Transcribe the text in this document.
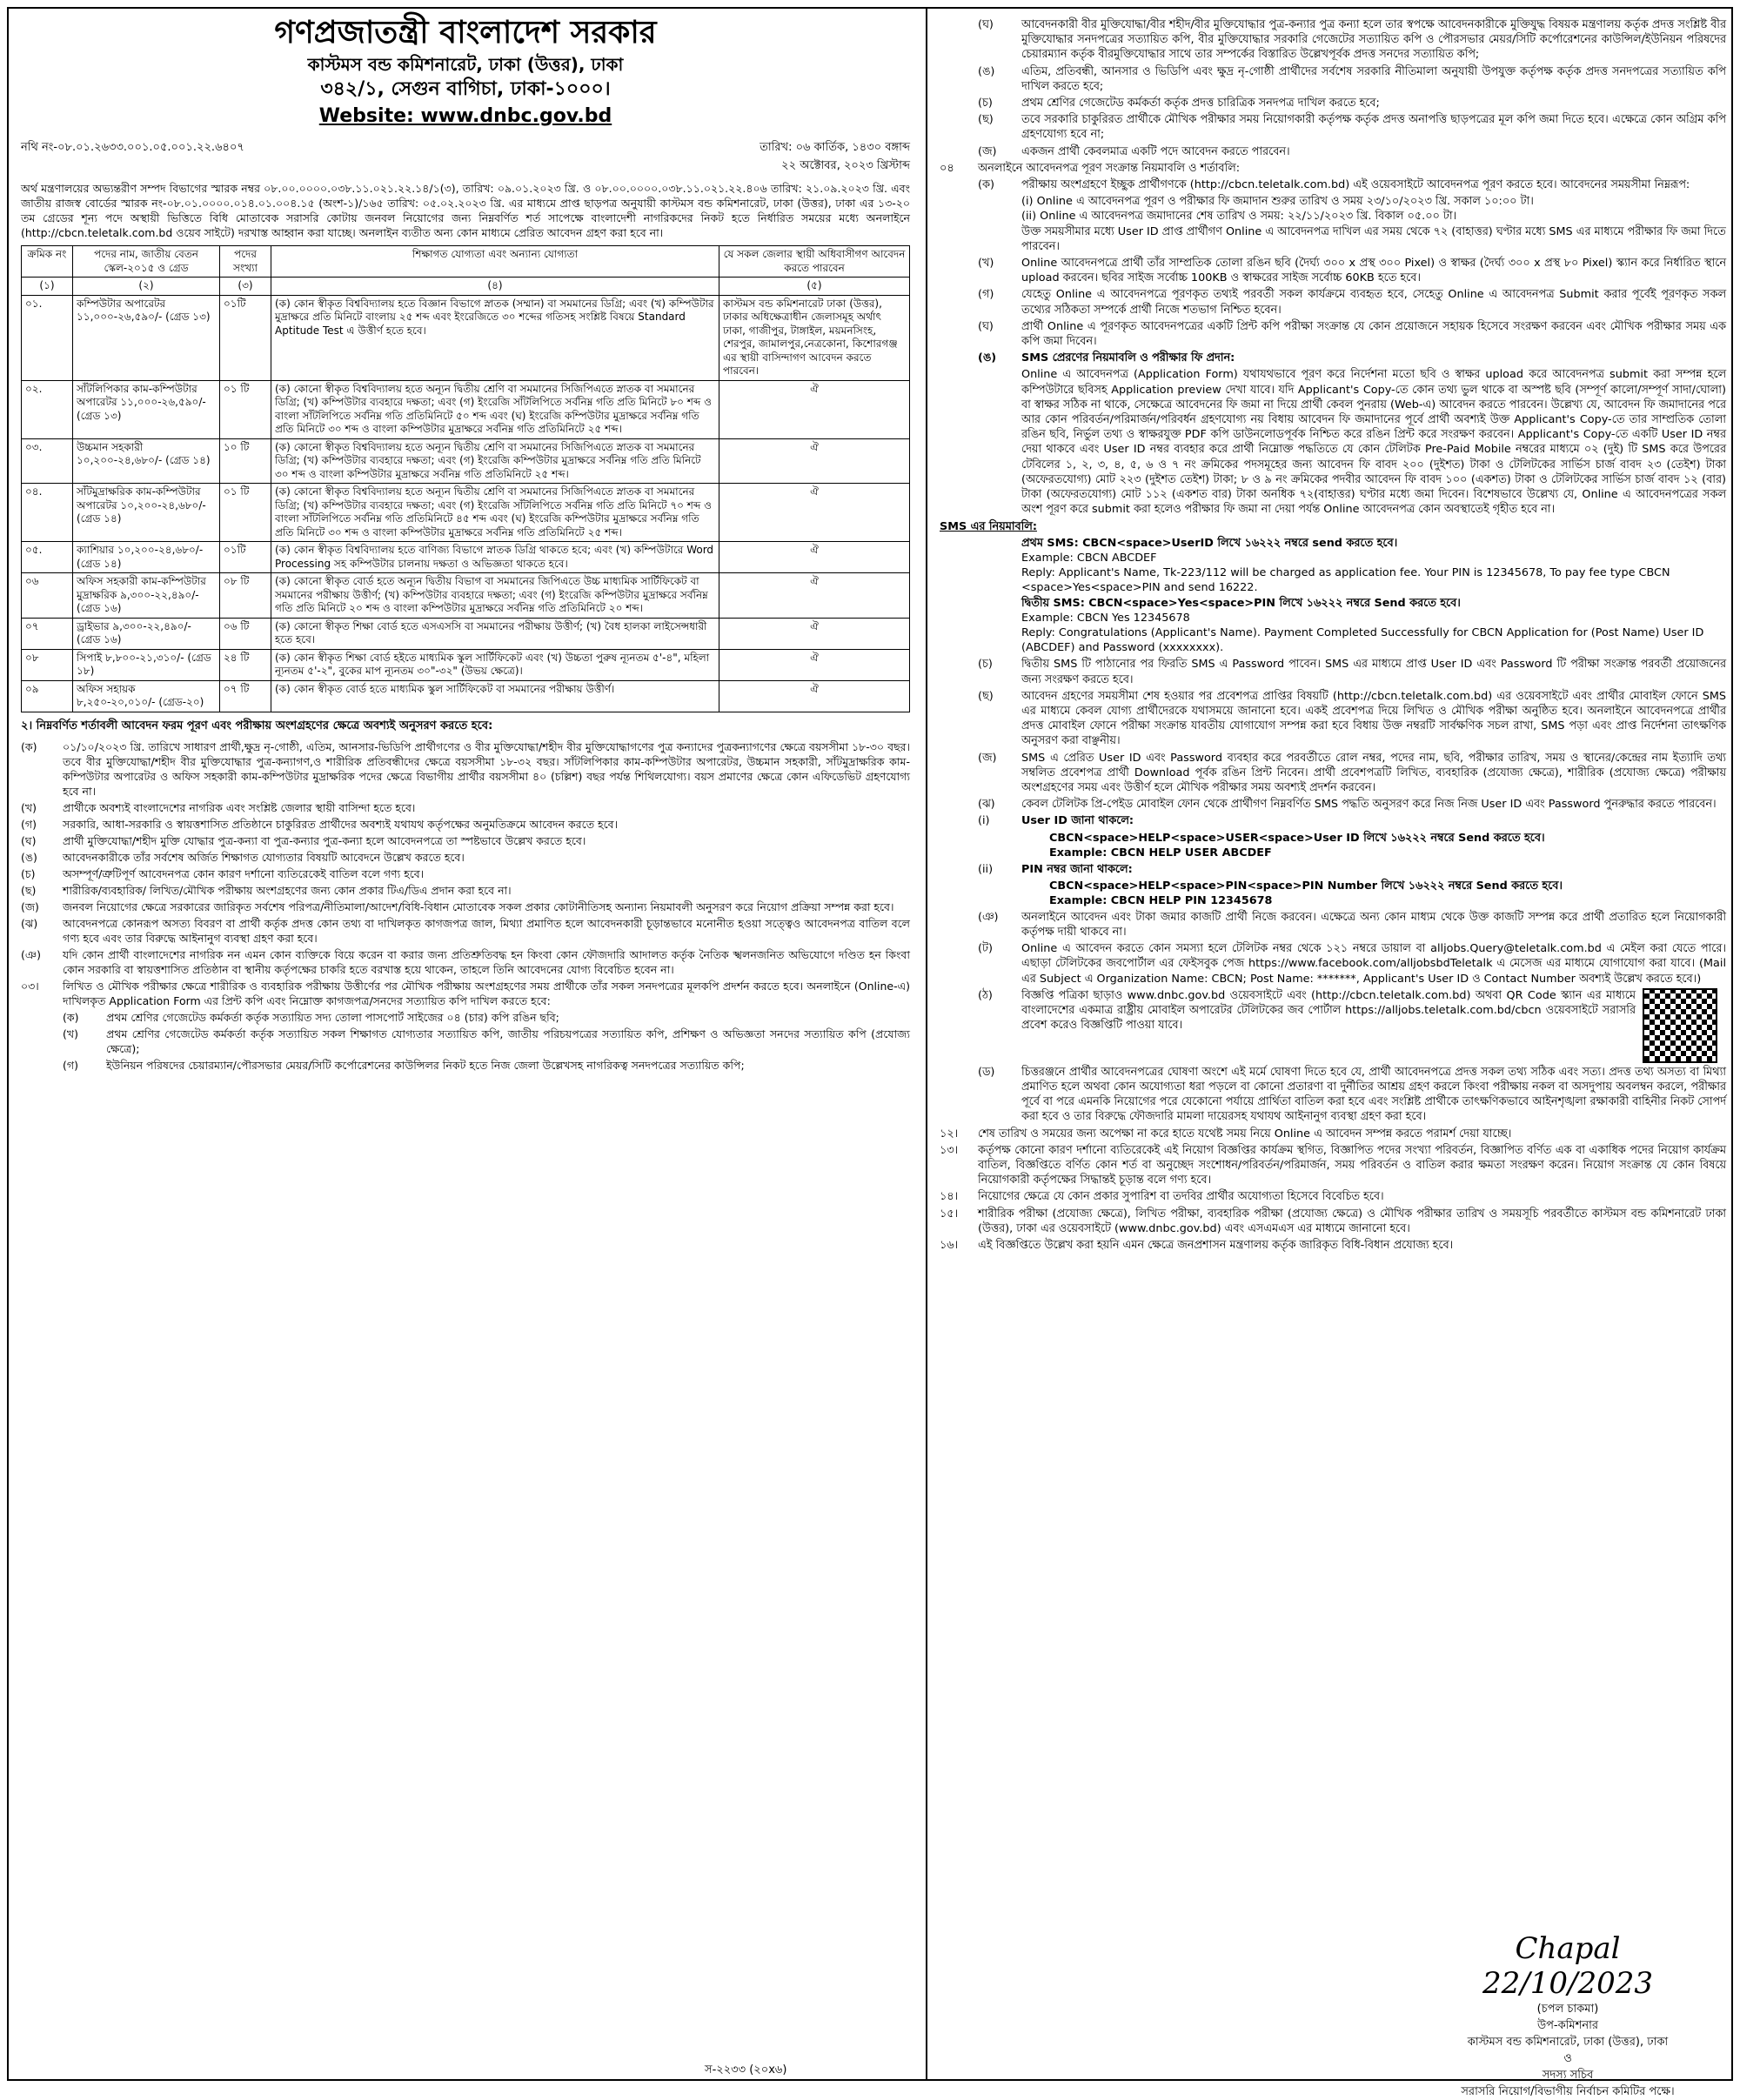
গণপ্রজাতন্ত্রী বাংলাদেশ সরকার
কাস্টমস বন্ড কমিশনারেট, ঢাকা (উত্তর), ঢাকা
৩৪২/১, সেগুন বাগিচা, ঢাকা-১০০০।
Website: www.dnbc.gov.bd
নথি নং-০৮.০১.২৬৩৩.০০১.০৫.০০১.২২.৬৪০৭	তারিখ: ০৬ কার্তিক, ১৪৩০ বঙ্গাব্দ
২২ অক্টোবর, ২০২৩ খ্রিস্টাব্দ

অর্থ মন্ত্রণালয়ের অভ্যন্তরীণ সম্পদ বিভাগের স্মারক নম্বর ০৮.০০.০০০০.০৩৮.১১.০২১.২২.১৪/১(৩), তারিখ: ০৯.০১.২০২৩ খ্রি. ও ০৮.০০.০০০০.০৩৮.১১.০২১.২২.৪০৬ তারিখ: ২১.০৯.২০২৩ খ্রি. এবং জাতীয় রাজস্ব বোর্ডের স্মারক নং-০৮.০১.০০০০.০১৪.০১.০০৪.১৫ (অংশ-১)/১৬৫ তারিখ: ০৫.০২.২০২৩ খ্রি. এর মাধ্যমে প্রাপ্ত ছাড়পত্র অনুযায়ী কাস্টমস বন্ড কমিশনারেট, ঢাকা (উত্তর), ঢাকা এর ১৩-২০ তম গ্রেডের শূন্য পদে অস্থায়ী ভিত্তিতে বিধি মোতাবেক সরাসরি কোটায় জনবল নিয়োগের জন্য নিম্নবর্ণিত শর্ত সাপেক্ষে বাংলাদেশী নাগরিকদের নিকট হতে নির্ধারিত সময়ের মধ্যে অনলাইনে (http://cbcn.teletalk.com.bd ওয়েব সাইটে) দরখাস্ত আহ্বান করা যাচ্ছে। অনলাইন ব্যতীত অন্য কোন মাধ্যমে প্রেরিত আবেদন গ্রহণ করা হবে না।

ক্রমিক নং	পদের নাম, জাতীয় বেতন স্কেল-২০১৫ ও গ্রেড	পদের সংখ্যা	শিক্ষাগত যোগ্যতা এবং অন্যান্য যোগ্যতা	যে সকল জেলার স্থায়ী অধিবাসীগণ আবেদন করতে পারবেন
(১)	(২)	(৩)	(৪)	(৫)
০১.	কম্পিউটার অপারেটর ১১,০০০-২৬,৫৯০/- (গ্রেড ১৩)	০১টি	(ক) কোন স্বীকৃত বিশ্ববিদ্যালয় হতে বিজ্ঞান বিভাগে স্নাতক (সম্মান) বা সমমানের ডিগ্রি; এবং (খ) কম্পিউটার মুদ্রাক্ষরে প্রতি মিনিটে বাংলায় ২৫ শব্দ এবং ইংরেজিতে ৩০ শব্দের গতিসহ সংশ্লিষ্ট বিষয়ে Standard Aptitude Test এ উত্তীর্ণ হতে হবে।	কাস্টমস বন্ড কমিশনারেট ঢাকা (উত্তর), ঢাকার অধিক্ষেত্রাধীন জেলাসমূহ অর্থাৎ ঢাকা, গাজীপুর, টাঙ্গাইল, ময়মনসিংহ, শেরপুর, জামালপুর,নেত্রকোনা, কিশোরগঞ্জ এর স্থায়ী বাসিন্দাগণ আবেদন করতে পারবেন।
০২.	সাঁটলিপিকার কাম-কম্পিউটার অপারেটর ১১,০০০-২৬,৫৯০/- (গ্রেড ১৩)	০১ টি	(ক) কোনো স্বীকৃত বিশ্ববিদ্যালয় হতে অন্যূন দ্বিতীয় শ্রেণি বা সমমানের সিজিপিএতে স্নাতক বা সমমানের ডিগ্রি; (খ) কম্পিউটার ব্যবহারে দক্ষতা; এবং (গ) ইংরেজি সাঁটলিপিতে সর্বনিম্ন গতি প্রতি মিনিটে ৮০ শব্দ ও বাংলা সাঁটলিপিতে সর্বনিম্ন গতি প্রতিমিনিটে ৫০ শব্দ এবং (ঘ) ইংরেজি কম্পিউটার মুদ্রাক্ষরে সর্বনিম্ন গতি প্রতি মিনিটে ৩০ শব্দ ও বাংলা কম্পিউটার মুদ্রাক্ষরে সর্বনিম্ন গতি প্রতিমিনিটে ২৫ শব্দ।	ঐ
০৩.	উচ্চমান সহকারী ১০,২০০-২৪,৬৮০/- (গ্রেড ১৪)	১০ টি	(ক) কোনো স্বীকৃত বিশ্ববিদ্যালয় হতে অন্যূন দ্বিতীয় শ্রেণি বা সমমানের সিজিপিএতে স্নাতক বা সমমানের ডিগ্রি; (খ) কম্পিউটার ব্যবহারে দক্ষতা; এবং (গ) ইংরেজি কম্পিউটার মুদ্রাক্ষরে সর্বনিম্ন গতি প্রতি মিনিটে ৩০ শব্দ ও বাংলা কম্পিউটার মুদ্রাক্ষরে সর্বনিম্ন গতি প্রতিমিনিটে ২৫ শব্দ।	ঐ
০৪.	সাঁটমুদ্রাক্ষরিক কাম-কম্পিউটার অপারেটর ১০,২০০-২৪,৬৮০/- (গ্রেড ১৪)	০১ টি	(ক) কোনো স্বীকৃত বিশ্ববিদ্যালয় হতে অন্যূন দ্বিতীয় শ্রেণি বা সমমানের সিজিপিএতে স্নাতক বা সমমানের ডিগ্রি; (খ) কম্পিউটার ব্যবহারে দক্ষতা; এবং (গ) ইংরেজি সাঁটলিপিতে সর্বনিম্ন গতি প্রতি মিনিটে ৭০ শব্দ ও বাংলা সাঁটলিপিতে সর্বনিম্ন গতি প্রতিমিনিটে ৪৫ শব্দ এবং (ঘ) ইংরেজি কম্পিউটার মুদ্রাক্ষরে সর্বনিম্ন গতি প্রতি মিনিটে ৩০ শব্দ ও বাংলা কম্পিউটার মুদ্রাক্ষরে সর্বনিম্ন গতি প্রতিমিনিটে ২৫ শব্দ।	ঐ
০৫.	ক্যাশিয়ার ১০,২০০-২৪,৬৮০/- (গ্রেড ১৪)	০১টি	(ক) কোন স্বীকৃত বিশ্ববিদ্যালয় হতে বাণিজ্য বিভাগে স্নাতক ডিগ্রি থাকতে হবে; এবং (খ) কম্পিউটারে Word Processing সহ কম্পিউটার চালনায় দক্ষতা ও অভিজ্ঞতা থাকতে হবে।	ঐ
০৬	অফিস সহকারী কাম-কম্পিউটার মুদ্রাক্ষরিক ৯,৩০০-২২,৪৯০/- (গ্রেড ১৬)	০৮ টি	(ক) কোনো স্বীকৃত বোর্ড হতে অন্যূন দ্বিতীয় বিভাগ বা সমমানের জিপিএতে উচ্চ মাধ্যমিক সার্টিফিকেট বা সমমানের পরীক্ষায় উত্তীর্ণ; (খ) কম্পিউটার ব্যবহারে দক্ষতা; এবং (গ) ইংরেজি কম্পিউটার মুদ্রাক্ষরে সর্বনিম্ন গতি প্রতি মিনিটে ২০ শব্দ ও বাংলা কম্পিউটার মুদ্রাক্ষরে সর্বনিম্ন গতি প্রতিমিনিটে ২০ শব্দ।	ঐ
০৭	ড্রাইভার ৯,৩০০-২২,৪৯০/- (গ্রেড ১৬)	০৬ টি	(ক) কোনো স্বীকৃত শিক্ষা বোর্ড হতে এসএসসি বা সমমানের পরীক্ষায় উত্তীর্ণ; (খ) বৈধ হালকা লাইসেন্সধারী হতে হবে।	ঐ
০৮	সিপাই ৮,৮০০-২১,৩১০/- (গ্রেড ১৮)	২৪ টি	(ক) কোন স্বীকৃত শিক্ষা বোর্ড হইতে মাধ্যমিক স্কুল সার্টিফিকেট এবং (খ) উচ্চতা পুরুষ ন্যূনতম ৫'-৪", মহিলা ন্যূনতম ৫'-২", বুকের মাপ ন্যূনতম ৩০"-৩২" (উভয় ক্ষেত্রে)।	ঐ
০৯	অফিস সহায়ক ৮,২৫০-২০,০১০/- (গ্রেড-২০)	০৭ টি	(ক) কোন স্বীকৃত বোর্ড হতে মাধ্যমিক স্কুল সার্টিফিকেট বা সমমানের পরীক্ষায় উত্তীর্ণ।	ঐ
২। নিম্নবর্ণিত শর্তাবলী আবেদন ফরম পূরণ এবং পরীক্ষায় অংশগ্রহণের ক্ষেত্রে অবশ্যই অনুসরণ করতে হবে:
(ক)	০১/১০/২০২৩ খ্রি. তারিখে সাধারণ প্রার্থী,ক্ষুদ্র নৃ-গোষ্ঠী, এতিম, আনসার-ভিডিপি প্রার্থীগণের ও বীর মুক্তিযোদ্ধা/শহীদ বীর মুক্তিযোদ্ধাগণের পুত্র কন্যাদের পুত্রকন্যাগণের ক্ষেত্রে বয়সসীমা ১৮-৩০ বছর। তবে বীর মুক্তিযোদ্ধা/শহীদ বীর মুক্তিযোদ্ধার পুত্র-কন্যাগণ,ও শারীরিক প্রতিবন্ধীদের ক্ষেত্রে বয়সসীমা ১৮-৩২ বছর। সাঁটলিপিকার কাম-কম্পিউটার অপারেটর, উচ্চমান সহকারী, সাঁটমুদ্রাক্ষরিক কাম-কম্পিউটার অপারেটর ও অফিস সহকারী কাম-কম্পিউটার মুদ্রাক্ষরিক পদের ক্ষেত্রে বিভাগীয় প্রার্থীর বয়সসীমা ৪০ (চল্লিশ) বছর পর্যন্ত শিথিলযোগ্য। বয়স প্রমাণের ক্ষেত্রে কোন এফিডেভিট গ্রহণযোগ্য হবে না।
(খ)	প্রার্থীকে অবশ্যই বাংলাদেশের নাগরিক এবং সংশ্লিষ্ট জেলার স্থায়ী বাসিন্দা হতে হবে।
(গ)	সরকারি, আধা-সরকারি ও স্বায়ত্তশাসিত প্রতিষ্ঠানে চাকুরিরত প্রার্থীদের অবশ্যই যথাযথ কর্তৃপক্ষের অনুমতিক্রমে আবেদন করতে হবে।
(ঘ)	প্রার্থী মুক্তিযোদ্ধা/শহীদ মুক্তি যোদ্ধার পুত্র-কন্যা বা পুত্র-কন্যার পুত্র-কন্যা হলে আবেদনপত্রে তা স্পষ্টভাবে উল্লেখ করতে হবে।
(ঙ)	আবেদনকারীকে তাঁর সর্বশেষ অর্জিত শিক্ষাগত যোগ্যতার বিষয়টি আবেদনে উল্লেখ করতে হবে।
(চ)	অসম্পূর্ণ/ত্রুটিপূর্ণ আবেদনপত্র কোন কারণ দর্শানো ব্যতিরেকেই বাতিল বলে গণ্য হবে।
(ছ)	শারীরিক/ব্যবহারিক/ লিখিত/মৌখিক পরীক্ষায় অংশগ্রহণের জন্য কোন প্রকার টিএ/ডিএ প্রদান করা হবে না।
(জ)	জনবল নিয়োগের ক্ষেত্রে সরকারের জারিকৃত সর্বশেষ পরিপত্র/নীতিমালা/আদেশ/বিধি-বিধান মোতাবেক সকল প্রকার কোটানীতিসহ অন্যান্য নিয়মাবলী অনুসরণ করে নিয়োগ প্রক্রিয়া সম্পন্ন করা হবে।
(ঝ)	আবেদনপত্রে কোনরূপ অসত্য বিবরণ বা প্রার্থী কর্তৃক প্রদত্ত কোন তথ্য বা দাখিলকৃত কাগজপত্র জাল, মিথ্যা প্রমাণিত হলে আবেদনকারী চূড়ান্তভাবে মনোনীত হওয়া সত্ত্বেও আবেদনপত্র বাতিল বলে গণ্য হবে এবং তার বিরুদ্ধে আইনানুগ ব্যবস্থা গ্রহণ করা হবে।
(ঞ)	যদি কোন প্রার্থী বাংলাদেশের নাগরিক নন এমন কোন ব্যক্তিকে বিয়ে করেন বা করার জন্য প্রতিশ্রুতিবদ্ধ হন কিংবা কোন ফৌজদারি আদালত কর্তৃক নৈতিক স্খলনজনিত অভিযোগে দণ্ডিত হন কিংবা কোন সরকারি বা স্বায়ত্তশাসিত প্রতিষ্ঠান বা স্থানীয় কর্তৃপক্ষের চাকরি হতে বরখাস্ত হয়ে থাকেন, তাহলে তিনি আবেদনের যোগ্য বিবেচিত হবেন না।
০৩।	লিখিত ও মৌখিক পরীক্ষার ক্ষেত্রে শারীরিক ও ব্যবহারিক পরীক্ষায় উত্তীর্ণের পর মৌখিক পরীক্ষায় অংশগ্রহণের সময় প্রার্থীকে তাঁর সকল সনদপত্রের মূলকপি প্রদর্শন করতে হবে। অনলাইনে (Online-এ) দাখিলকৃত Application Form এর প্রিন্ট কপি এবং নিম্নোক্ত কাগজপত্র/সনদের সত্যায়িত কপি দাখিল করতে হবে:
(ক)	প্রথম শ্রেণির গেজেটেড কর্মকর্তা কর্তৃক সত্যায়িত সদ্য তোলা পাসপোর্ট সাইজের ০৪ (চার) কপি রঙিন ছবি;
(খ)	প্রথম শ্রেণির গেজেটেড কর্মকর্তা কর্তৃক সত্যায়িত সকল শিক্ষাগত যোগ্যতার সত্যায়িত কপি, জাতীয় পরিচয়পত্রের সত্যায়িত কপি, প্রশিক্ষণ ও অভিজ্ঞতা সনদের সত্যায়িত কপি (প্রযোজ্য ক্ষেত্রে);
(গ)	ইউনিয়ন পরিষদের চেয়ারম্যান/পৌরসভার মেয়র/সিটি কর্পোরেশনের কাউন্সিলর নিকট হতে নিজ জেলা উল্লেখসহ নাগরিকত্ব সনদপত্রের সত্যায়িত কপি;
(ঘ)	আবেদনকারী বীর মুক্তিযোদ্ধা/বীর শহীদ/বীর মুক্তিযোদ্ধার পুত্র-কন্যার পুত্র কন্যা হলে তার স্বপক্ষে আবেদনকারীকে মুক্তিযুদ্ধ বিষয়ক মন্ত্রণালয় কর্তৃক প্রদত্ত সংশ্লিষ্ট বীর মুক্তিযোদ্ধার সনদপত্রের সত্যায়িত কপি, বীর মুক্তিযোদ্ধার সরকারি গেজেটের সত্যায়িত কপি ও পৌরসভার মেয়র/সিটি কর্পোরেশনের কাউন্সিল/ইউনিয়ন পরিষদের চেয়ারম্যান কর্তৃক বীরমুক্তিযোদ্ধার সাথে তার সম্পর্কের বিস্তারিত উল্লেখপূর্বক প্রদত্ত সনদের সত্যায়িত কপি;
(ঙ)	এতিম, প্রতিবন্ধী, আনসার ও ভিডিপি এবং ক্ষুদ্র নৃ-গোষ্ঠী প্রার্থীদের সর্বশেষ সরকারি নীতিমালা অনুযায়ী উপযুক্ত কর্তৃপক্ষ কর্তৃক প্রদত্ত সনদপত্রের সত্যায়িত কপি দাখিল করতে হবে;
(চ)	প্রথম শ্রেণির গেজেটেড কর্মকর্তা কর্তৃক প্রদত্ত চারিত্রিক সনদপত্র দাখিল করতে হবে;
(ছ)	তবে সরকারি চাকুরিরত প্রার্থীকে মৌখিক পরীক্ষার সময় নিয়োগকারী কর্তৃপক্ষ কর্তৃক প্রদত্ত অনাপত্তি ছাড়পত্রের মূল কপি জমা দিতে হবে। এক্ষেত্রে কোন অগ্রিম কপি গ্রহণযোগ্য হবে না;
(জ)	একজন প্রার্থী কেবলমাত্র একটি পদে আবেদন করতে পারবেন।
০৪	অনলাইনে আবেদনপত্র পূরণ সংক্রান্ত নিয়মাবলি ও শর্তাবলি:
(ক)	পরীক্ষায় অংশগ্রহণে ইচ্ছুক প্রার্থীগণকে (http://cbcn.teletalk.com.bd) এই ওয়েবসাইটে আবেদনপত্র পূরণ করতে হবে। আবেদনের সময়সীমা নিম্নরূপ:
(i) Online এ আবেদনপত্র পূরণ ও পরীক্ষার ফি জমাদান শুরুর তারিখ ও সময় ২৩/১০/২০২৩ খ্রি. সকাল ১০:০০ টা।
(ii) Online এ আবেদনপত্র জমাদানের শেষ তারিখ ও সময়: ২২/১১/২০২৩ খ্রি. বিকাল ০৫.০০ টা।
উক্ত সময়সীমার মধ্যে User ID প্রাপ্ত প্রার্থীগণ Online এ আবেদনপত্র দাখিল এর সময় থেকে ৭২ (বাহাত্তর) ঘণ্টার মধ্যে SMS এর মাধ্যমে পরীক্ষার ফি জমা দিতে পারবেন।
(খ)	Online আবেদনপত্রে প্রার্থী তাঁর সাম্প্রতিক তোলা রঙিন ছবি (দৈর্ঘ্য ৩০০ x প্রস্থ ৩০০ Pixel) ও স্বাক্ষর (দৈর্ঘ্য ৩০০ x প্রস্থ ৮০ Pixel) স্ক্যান করে নির্ধারিত স্থানে upload করবেন। ছবির সাইজ সর্বোচ্চ 100KB ও স্বাক্ষরের সাইজ সর্বোচ্চ 60KB হতে হবে।
(গ)	যেহেতু Online এ আবেদনপত্রে পূরণকৃত তথ্যই পরবর্তী সকল কার্যক্রমে ব্যবহৃত হবে, সেহেতু Online এ আবেদনপত্র Submit করার পূর্বেই পূরণকৃত সকল তথ্যের সঠিকতা সম্পর্কে প্রার্থী নিজে শতভাগ নিশ্চিত হবেন।
(ঘ)	প্রার্থী Online এ পূরণকৃত আবেদনপত্রের একটি প্রিন্ট কপি পরীক্ষা সংক্রান্ত যে কোন প্রয়োজনে সহায়ক হিসেবে সংরক্ষণ করবেন এবং মৌখিক পরীক্ষার সময় এক কপি জমা দিবেন।
(ঙ)	SMS প্রেরণের নিয়মাবলি ও পরীক্ষার ফি প্রদান:
Online এ আবেদনপত্র (Application Form) যথাযথভাবে পূরণ করে নির্দেশনা মতো ছবি ও স্বাক্ষর upload করে আবেদনপত্র submit করা সম্পন্ন হলে কম্পিউটারে ছবিসহ Application preview দেখা যাবে। যদি Applicant's Copy-তে কোন তথ্য ভুল থাকে বা অস্পষ্ট ছবি (সম্পূর্ণ কালো/সম্পূর্ণ সাদা/ঘোলা) বা স্বাক্ষর সঠিক না থাকে, সেক্ষেত্রে আবেদনের ফি জমা না দিয়ে প্রার্থী কেবল পুনরায় (Web-এ) আবেদন করতে পারবেন। উল্লেখ্য যে, আবেদন ফি জমাদানের পরে আর কোন পরিবর্তন/পরিমার্জন/পরিবর্ধন গ্রহণযোগ্য নয় বিধায় আবেদন ফি জমাদানের পূর্বে প্রার্থী অবশ্যই উক্ত Applicant's Copy-তে তার সাম্প্রতিক তোলা রঙিন ছবি, নির্ভুল তথ্য ও স্বাক্ষরযুক্ত PDF কপি ডাউনলোডপূর্বক নিশ্চিত করে রঙিন প্রিন্ট করে সংরক্ষণ করবেন। Applicant's Copy-তে একটি User ID নম্বর দেয়া থাকবে এবং User ID নম্বর ব্যবহার করে প্রার্থী নিম্নোক্ত পদ্ধতিতে যে কোন টেলিটক Pre-Paid Mobile নম্বরের মাধ্যমে ০২ (দুই) টি SMS করে উপরের টেবিলের ১, ২, ৩, ৪, ৫, ৬ ও ৭ নং ক্রমিকের পদসমূহের জন্য আবেদন ফি বাবদ ২০০ (দুইশত) টাকা ও টেলিটকের সার্ভিস চার্জ বাবদ ২৩ (তেইশ) টাকা (অফেরতযোগ্য) মোট ২২৩ (দুইশত তেইশ) টাকা; ৮ ও ৯ নং ক্রমিকের পদবীর আবেদন ফি বাবদ ১০০ (একশত) টাকা ও টেলিটকের সার্ভিস চার্জ বাবদ ১২ (বার) টাকা (অফেরতযোগ্য) মোট ১১২ (একশত বার) টাকা অনধিক ৭২(বাহাত্তর) ঘণ্টার মধ্যে জমা দিবেন। বিশেষভাবে উল্লেখ্য যে, Online এ আবেদনপত্রের সকল অংশ পূরণ করে submit করা হলেও পরীক্ষার ফি জমা না দেয়া পর্যন্ত Online আবেদনপত্র কোন অবস্থাতেই গৃহীত হবে না।
SMS এর নিয়মাবলি:
প্রথম SMS: CBCN<space>UserID লিখে ১৬২২২ নম্বরে send করতে হবে।
Example: CBCN ABCDEF
Reply: Applicant's Name, Tk-223/112 will be charged as application fee. Your PIN is 12345678, To pay fee type CBCN <space>Yes<space>PIN and send 16222.
দ্বিতীয় SMS: CBCN<space>Yes<space>PIN লিখে ১৬২২২ নম্বরে Send করতে হবে।
Example: CBCN Yes 12345678
Reply: Congratulations (Applicant's Name). Payment Completed Successfully for CBCN Application for (Post Name) User ID (ABCDEF) and Password (xxxxxxxx).
(চ)	দ্বিতীয় SMS টি পাঠানোর পর ফিরতি SMS এ Password পাবেন। SMS এর মাধ্যমে প্রাপ্ত User ID এবং Password টি পরীক্ষা সংক্রান্ত পরবর্তী প্রয়োজনের জন্য সংরক্ষণ করতে হবে।
(ছ)	আবেদন গ্রহণের সময়সীমা শেষ হওয়ার পর প্রবেশপত্র প্রাপ্তির বিষয়টি (http://cbcn.teletalk.com.bd) এর ওয়েবসাইটে এবং প্রার্থীর মোবাইল ফোনে SMS এর মাধ্যমে কেবল যোগ্য প্রার্থীদেরকে যথাসময়ে জানানো হবে। একই প্রবেশপত্র দিয়ে লিখিত ও মৌখিক পরীক্ষা অনুষ্ঠিত হবে। অনলাইনে আবেদনপত্রে প্রার্থীর প্রদত্ত মোবাইল ফোনে পরীক্ষা সংক্রান্ত যাবতীয় যোগাযোগ সম্পন্ন করা হবে বিধায় উক্ত নম্বরটি সার্বক্ষণিক সচল রাখা, SMS পড়া এবং প্রাপ্ত নির্দেশনা তাৎক্ষণিক অনুসরণ করা বাঞ্ছনীয়।
(জ)	SMS এ প্রেরিত User ID এবং Password ব্যবহার করে পরবর্তীতে রোল নম্বর, পদের নাম, ছবি, পরীক্ষার তারিখ, সময় ও স্থানের/কেন্দ্রের নাম ইত্যাদি তথ্য সম্বলিত প্রবেশপত্র প্রার্থী Download পূর্বক রঙিন প্রিন্ট নিবেন। প্রার্থী প্রবেশপত্রটি লিখিত, ব্যবহারিক (প্রযোজ্য ক্ষেত্রে), শারীরিক (প্রযোজ্য ক্ষেত্রে) পরীক্ষায় অংশগ্রহণের সময় এবং উত্তীর্ণ হলে মৌখিক পরীক্ষার সময় অবশ্যই প্রদর্শন করবেন।
(ঝ)	কেবল টেলিটক প্রি-পেইড মোবাইল ফোন থেকে প্রার্থীগণ নিম্নবর্ণিত SMS পদ্ধতি অনুসরণ করে নিজ নিজ User ID এবং Password পুনরুদ্ধার করতে পারবেন।
(i)	User ID জানা থাকলে:
CBCN<space>HELP<space>USER<space>User ID লিখে ১৬২২২ নম্বরে Send করতে হবে।
Example: CBCN HELP USER ABCDEF
(ii)	PIN নম্বর জানা থাকলে:
CBCN<space>HELP<space>PIN<space>PIN Number লিখে ১৬২২২ নম্বরে Send করতে হবে।
Example: CBCN HELP PIN 12345678
(ঞ)	অনলাইনে আবেদন এবং টাকা জমার কাজটি প্রার্থী নিজে করবেন। এক্ষেত্রে অন্য কোন মাধ্যম থেকে উক্ত কাজটি সম্পন্ন করে প্রার্থী প্রতারিত হলে নিয়োগকারী কর্তৃপক্ষ দায়ী থাকবে না।
(ট)	Online এ আবেদন করতে কোন সমস্যা হলে টেলিটক নম্বর থেকে ১২১ নম্বরে ডায়াল বা alljobs.Query@teletalk.com.bd এ মেইল করা যেতে পারে। এছাড়া টেলিটকের জবপোর্টাল এর ফেইসবুক পেজ https://www.facebook.com/alljobsbdTeletalk এ মেসেজ এর মাধ্যমে যোগাযোগ করা যাবে। (Mail এর Subject এ Organization Name: CBCN; Post Name: *******, Applicant's User ID ও Contact Number অবশ্যই উল্লেখ করতে হবে।)
(ঠ)	বিজ্ঞপ্তি পত্রিকা ছাড়াও www.dnbc.gov.bd ওয়েবসাইটে এবং (http://cbcn.teletalk.com.bd) অথবা QR Code স্ক্যান এর মাধ্যমে বাংলাদেশের একমাত্র রাষ্ট্রীয় মোবাইল অপারেটর টেলিটকের জব পোর্টাল https://alljobs.teletalk.com.bd/cbcn ওয়েবসাইটে সরাসরি প্রবেশ করেও বিজ্ঞপ্তিটি পাওয়া যাবে।
(ড)	চিত্তরঞ্জনে প্রার্থীর আবেদনপত্রের ঘোষণা অংশে এই মর্মে ঘোষণা দিতে হবে যে, প্রার্থী আবেদনপত্রে প্রদত্ত সকল তথ্য সঠিক এবং সত্য। প্রদত্ত তথ্য অসত্য বা মিথ্যা প্রমাণিত হলে অথবা কোন অযোগ্যতা ধরা পড়লে বা কোনো প্রতারণা বা দুর্নীতির আশ্রয় গ্রহণ করলে কিংবা পরীক্ষায় নকল বা অসদুপায় অবলম্বন করলে, পরীক্ষার পূর্বে বা পরে এমনকি নিয়োগের পরে যেকোনো পর্যায়ে প্রার্থিতা বাতিল করা হবে এবং সংশ্লিষ্ট প্রার্থীকে তাৎক্ষণিকভাবে আইনশৃঙ্খলা রক্ষাকারী বাহিনীর নিকট সোপর্দ করা হবে ও তার বিরুদ্ধে ফৌজদারি মামলা দায়েরসহ যথাযথ আইনানুগ ব্যবস্থা গ্রহণ করা হবে।
১২।	শেষ তারিখ ও সময়ের জন্য অপেক্ষা না করে হাতে যথেষ্ট সময় নিয়ে Online এ আবেদন সম্পন্ন করতে পরামর্শ দেয়া যাচ্ছে।
১৩।	কর্তৃপক্ষ কোনো কারণ দর্শানো ব্যতিরেকেই এই নিয়োগ বিজ্ঞপ্তির কার্যক্রম স্থগিত, বিজ্ঞাপিত পদের সংখ্যা পরিবর্তন, বিজ্ঞাপিত বর্ণিত এক বা একাধিক পদের নিয়োগ কার্যক্রম বাতিল, বিজ্ঞপ্তিতে বর্ণিত কোন শর্ত বা অনুচ্ছেদ সংশোধন/পরিবর্তন/পরিমার্জন, সময় পরিবর্তন ও বাতিল করার ক্ষমতা সংরক্ষণ করেন। নিয়োগ সংক্রান্ত যে কোন বিষয়ে নিয়োগকারী কর্তৃপক্ষের সিদ্ধান্তই চূড়ান্ত বলে গণ্য হবে।
১৪।	নিয়োগের ক্ষেত্রে যে কোন প্রকার সুপারিশ বা তদবির প্রার্থীর অযোগ্যতা হিসেবে বিবেচিত হবে।
১৫।	শারীরিক পরীক্ষা (প্রযোজ্য ক্ষেত্রে), লিখিত পরীক্ষা, ব্যবহারিক পরীক্ষা (প্রযোজ্য ক্ষেত্রে) ও মৌখিক পরীক্ষার তারিখ ও সময়সূচি পরবর্তীতে কাস্টমস বন্ড কমিশনারেট ঢাকা (উত্তর), ঢাকা এর ওয়েবসাইটে (www.dnbc.gov.bd) এবং এসএমএস এর মাধ্যমে জানানো হবে।
১৬।	এই বিজ্ঞপ্তিতে উল্লেখ করা হয়নি এমন ক্ষেত্রে জনপ্রশাসন মন্ত্রণালয় কর্তৃক জারিকৃত বিধি-বিধান প্রযোজ্য হবে।
Chapal 22/10/2023
(চপল চাকমা)
উপ-কমিশনার
কাস্টমস বন্ড কমিশনারেট, ঢাকা (উত্তর), ঢাকা
ও
সদস্য সচিব
সরাসরি নিয়োগ/বিভাগীয় নির্বাচন কমিটির পক্ষে।
স-২২৩৩ (২০x৬)
